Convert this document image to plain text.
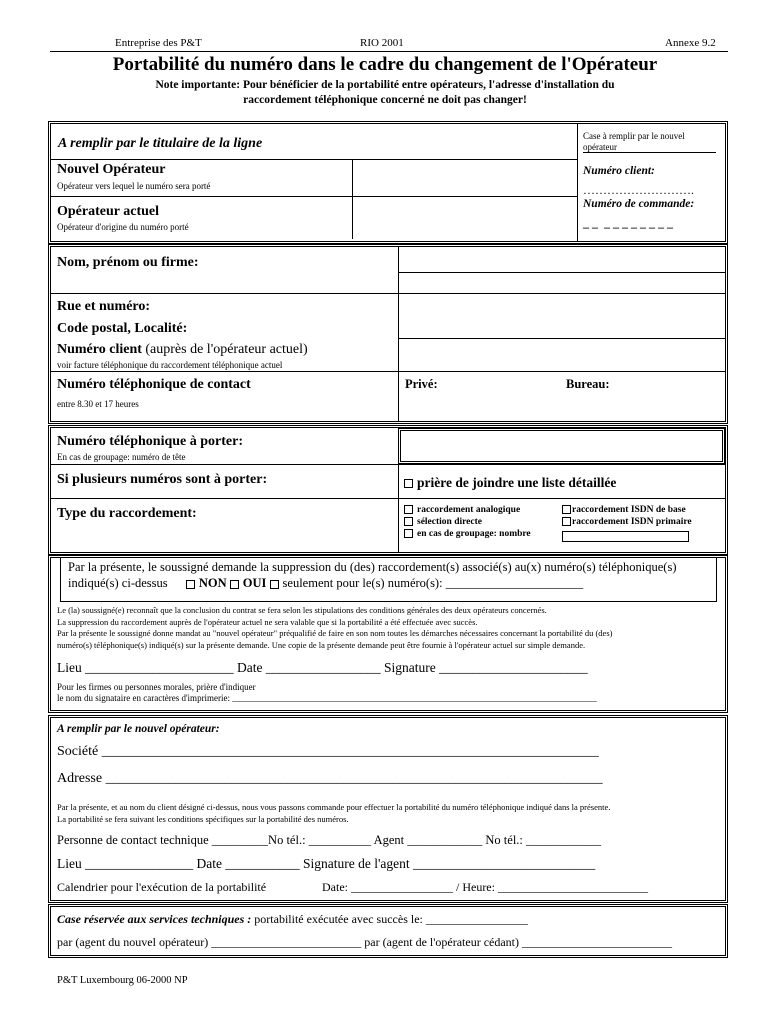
Entreprise des P&T	RIO 2001	Annexe 9.2
Portabilité du numéro dans le cadre du changement de l'Opérateur
Note importante: Pour bénéficier de la portabilité entre opérateurs, l'adresse d'installation du
raccordement téléphonique concerné ne doit pas changer!
A remplir par le titulaire de la ligne
Nouvel Opérateur
Opérateur vers lequel le numéro sera porté
Opérateur actuel
Opérateur d'origine du numéro porté
Case à remplir par le nouvel
opérateur
Numéro client:
……………………….
Numéro de commande:
_ _  _ _ _ _ _ _ _ _
Nom, prénom ou firme:
Rue et numéro:
Code postal, Localité:
Numéro client (auprès de l'opérateur actuel)
voir facture téléphonique du raccordement téléphonique actuel
Numéro téléphonique de contact
entre 8.30 et 17 heures
Privé:	Bureau:
Numéro téléphonique à porter:
En cas de groupage: numéro de tête
Si plusieurs numéros sont à porter:	prière de joindre une liste détaillée
Type du raccordement:	raccordement analogique
sélection directe
en cas de groupage: nombre
raccordement ISDN de base
raccordement ISDN primaire
Par la présente, le soussigné demande la suppression du (des) raccordement(s) associé(s) au(x) numéro(s) téléphonique(s)
indiqué(s) ci-dessus	NON OUI seulement pour le(s) numéro(s): ______________________
Le (la) soussigné(e) reconnaît que la conclusion du contrat se fera selon les stipulations des conditions générales des deux opérateurs concernés.
La suppression du raccordement auprès de l'opérateur actuel ne sera valable que si la portabilité a été effectuée avec succès.
Par la présente le soussigné donne mandat au "nouvel opérateur" préqualifié de faire en son nom toutes les démarches nécessaires concernant la portabilité du (des)
numéro(s) téléphonique(s) indiqué(s) sur la présente demande. Une copie de la présente demande peut être fournie à l'opérateur actuel sur simple demande.
Lieu ______________________ Date _________________ Signature ______________________
Pour les firmes ou personnes morales, prière d'indiquer
le nom du signataire en caractères d'imprimerie: _________________________________________________________________________________
A remplir par le nouvel opérateur:
Société _______________________________________________________________________
Adresse _______________________________________________________________________
Par la présente, et au nom du client désigné ci-dessus, nous vous passons commande pour effectuer la portabilité du numéro téléphonique indiqué dans la présente.
La portabilité se fera suivant les conditions spécifiques sur la portabilité des numéros.
Personne de contact technique _________No tél.: __________ Agent ____________ No tél.: ____________
Lieu ________________ Date ___________ Signature de l'agent ___________________________
Calendrier pour l'exécution de la portabilité	Date: _________________ / Heure: _________________________
Case réservée aux services techniques : portabilité exécutée avec succès le: _________________
par (agent du nouvel opérateur) _________________________ par (agent de l'opérateur cédant) _________________________
P&T Luxembourg 06-2000 NP
